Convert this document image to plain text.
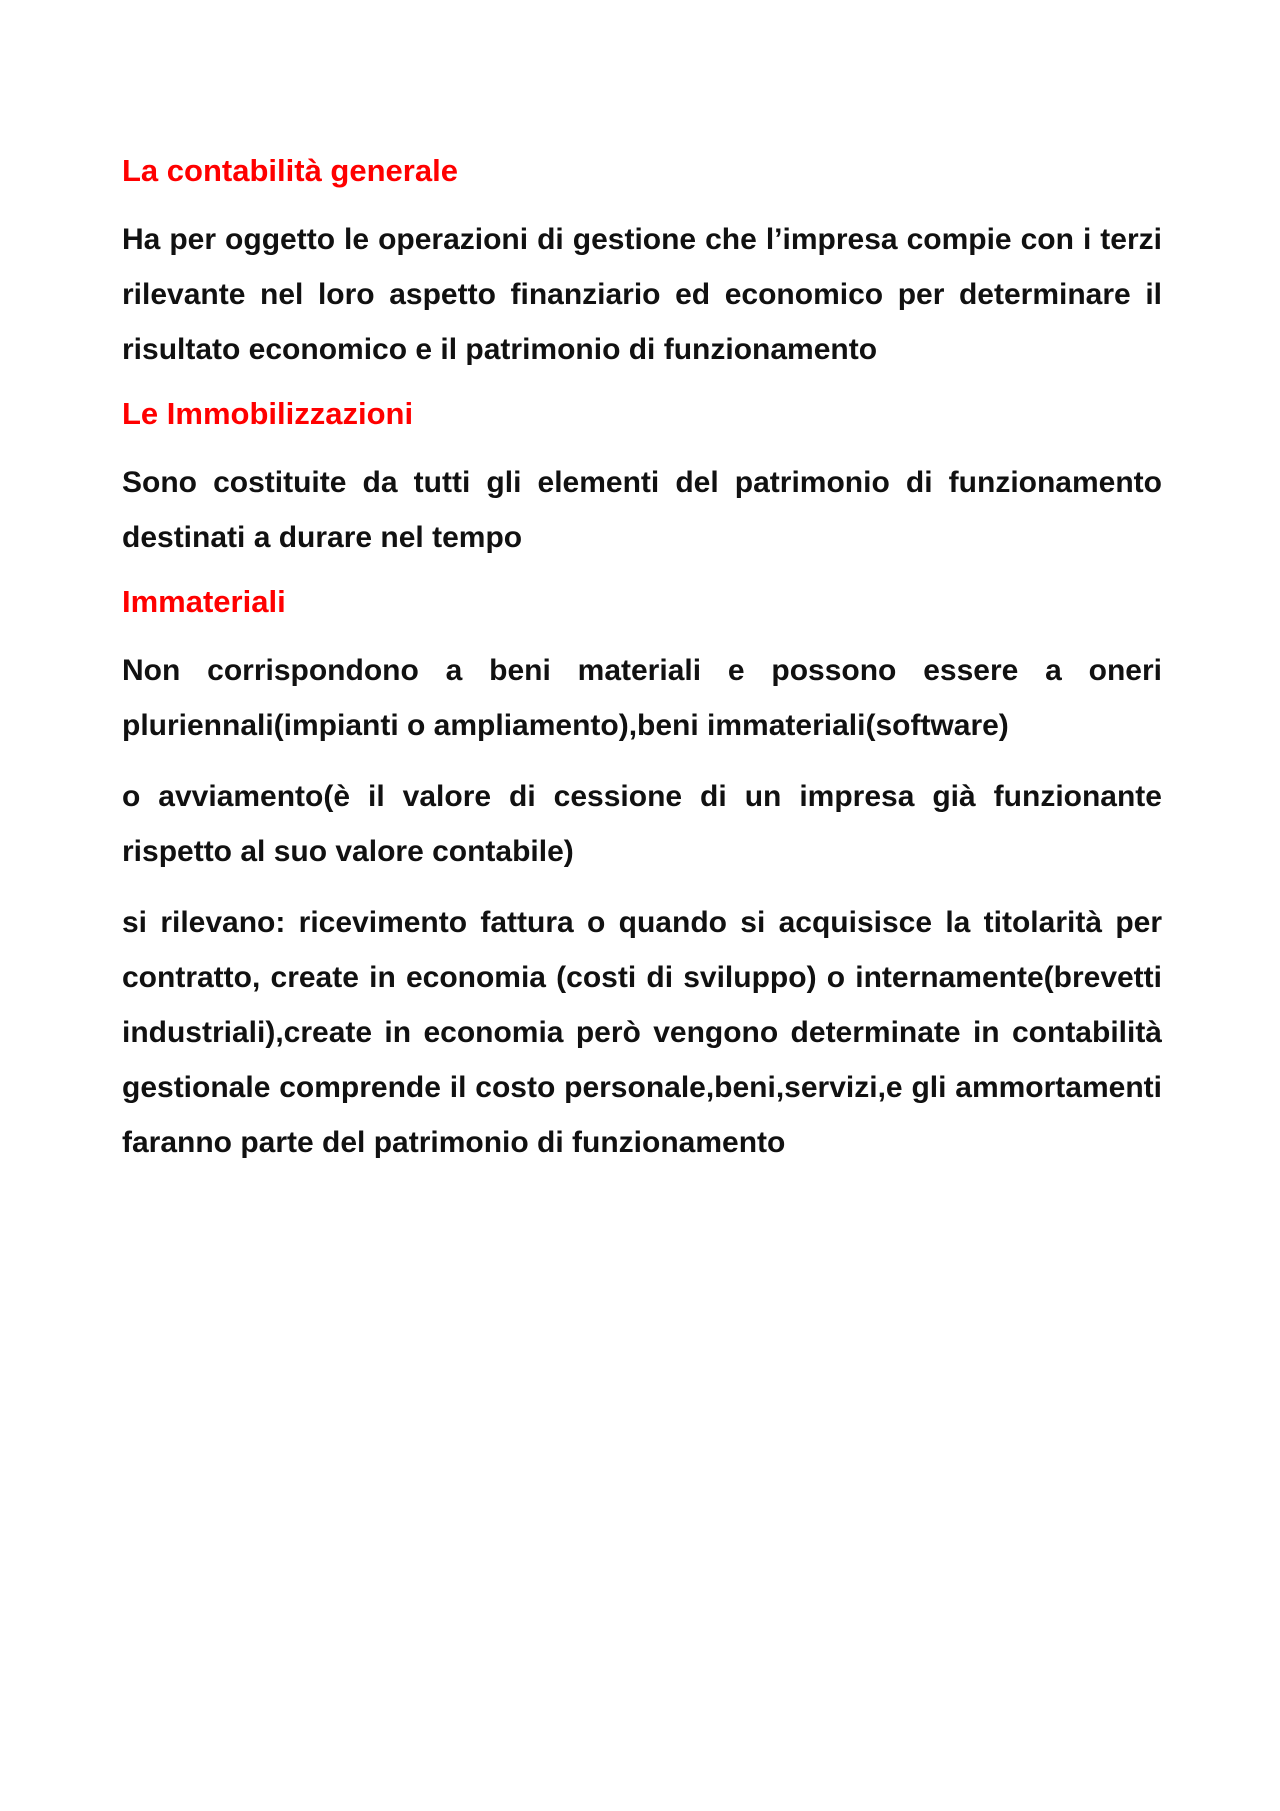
La contabilità generale

Ha per oggetto le operazioni di gestione che l’impresa compie con i terzi rilevante nel loro aspetto finanziario ed economico per determinare il risultato economico e il patrimonio di funzionamento

Le Immobilizzazioni

Sono costituite da tutti gli elementi del patrimonio di funzionamento destinati a durare nel tempo

Immateriali

Non corrispondono a beni materiali e possono essere a oneri pluriennali(impianti o ampliamento),beni immateriali(software)

o avviamento(è il valore di cessione di un impresa già funzionante rispetto al suo valore contabile)

si rilevano: ricevimento fattura o quando si acquisisce la titolarità per contratto, create in economia (costi di sviluppo) o internamente(brevetti industriali),create in economia però vengono determinate in contabilità gestionale comprende il costo personale,beni,servizi,e gli ammortamenti faranno parte del patrimonio di funzionamento
